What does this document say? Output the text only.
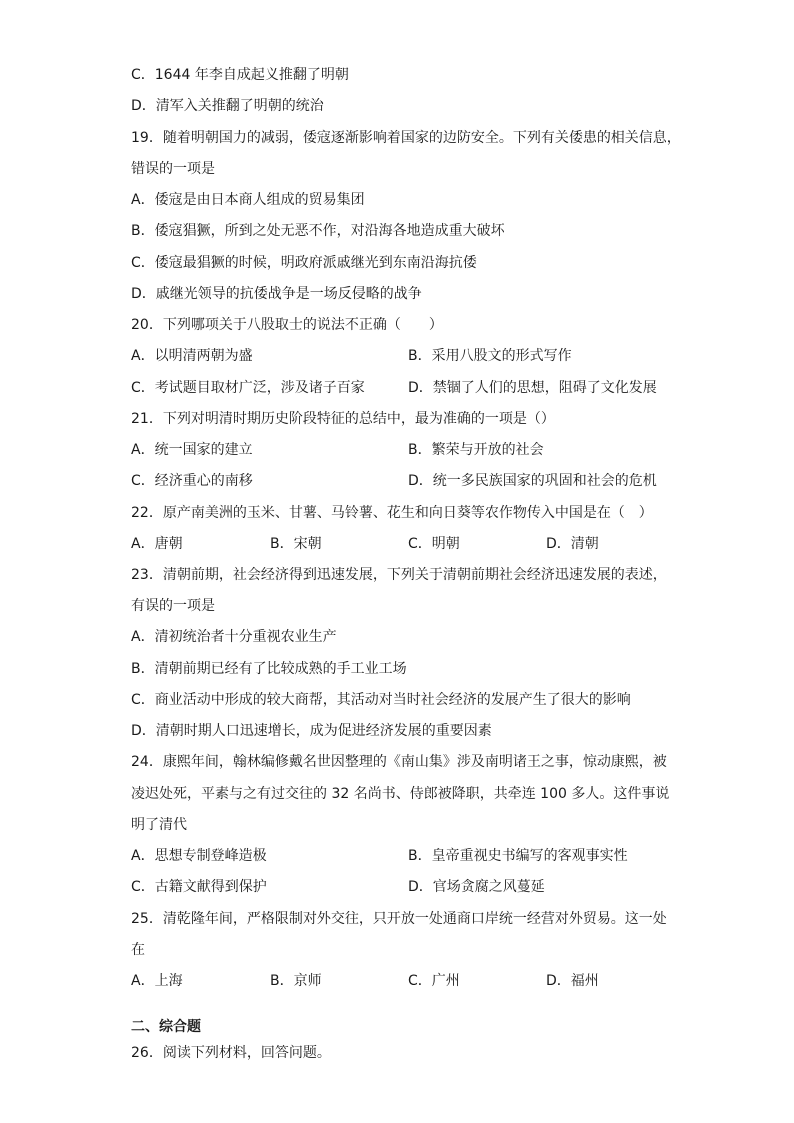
C．1644 年李自成起义推翻了明朝
D．清军入关推翻了明朝的统治
19．随着明朝国力的减弱，倭寇逐渐影响着国家的边防安全。下列有关倭患的相关信息，
错误的一项是
A．倭寇是由日本商人组成的贸易集团
B．倭寇猖獗，所到之处无恶不作，对沿海各地造成重大破坏
C．倭寇最猖獗的时候，明政府派戚继光到东南沿海抗倭
D．戚继光领导的抗倭战争是一场反侵略的战争
20．下列哪项关于八股取士的说法不正确（　　）
A．以明清两朝为盛	B．采用八股文的形式写作
C．考试题目取材广泛，涉及诸子百家	D．禁锢了人们的思想，阻碍了文化发展
21．下列对明清时期历史阶段特征的总结中，最为准确的一项是（）
A．统一国家的建立	B．繁荣与开放的社会
C．经济重心的南移	D．统一多民族国家的巩固和社会的危机
22．原产南美洲的玉米、甘薯、马铃薯、花生和向日葵等农作物传入中国是在（　）
A．唐朝	B．宋朝	C．明朝	D．清朝
23．清朝前期，社会经济得到迅速发展，下列关于清朝前期社会经济迅速发展的表述，
有误的一项是
A．清初统治者十分重视农业生产
B．清朝前期已经有了比较成熟的手工业工场
C．商业活动中形成的较大商帮，其活动对当时社会经济的发展产生了很大的影响
D．清朝时期人口迅速增长，成为促进经济发展的重要因素
24．康熙年间，翰林编修戴名世因整理的《南山集》涉及南明诸王之事，惊动康熙，被
凌迟处死，平素与之有过交往的 32 名尚书、侍郎被降职，共牵连 100 多人。这件事说
明了清代
A．思想专制登峰造极	B．皇帝重视史书编写的客观事实性
C．古籍文献得到保护	D．官场贪腐之风蔓延
25．清乾隆年间，严格限制对外交往，只开放一处通商口岸统一经营对外贸易。这一处
在
A．上海	B．京师	C．广州	D．福州
二、综合题
26．阅读下列材料，回答问题。
